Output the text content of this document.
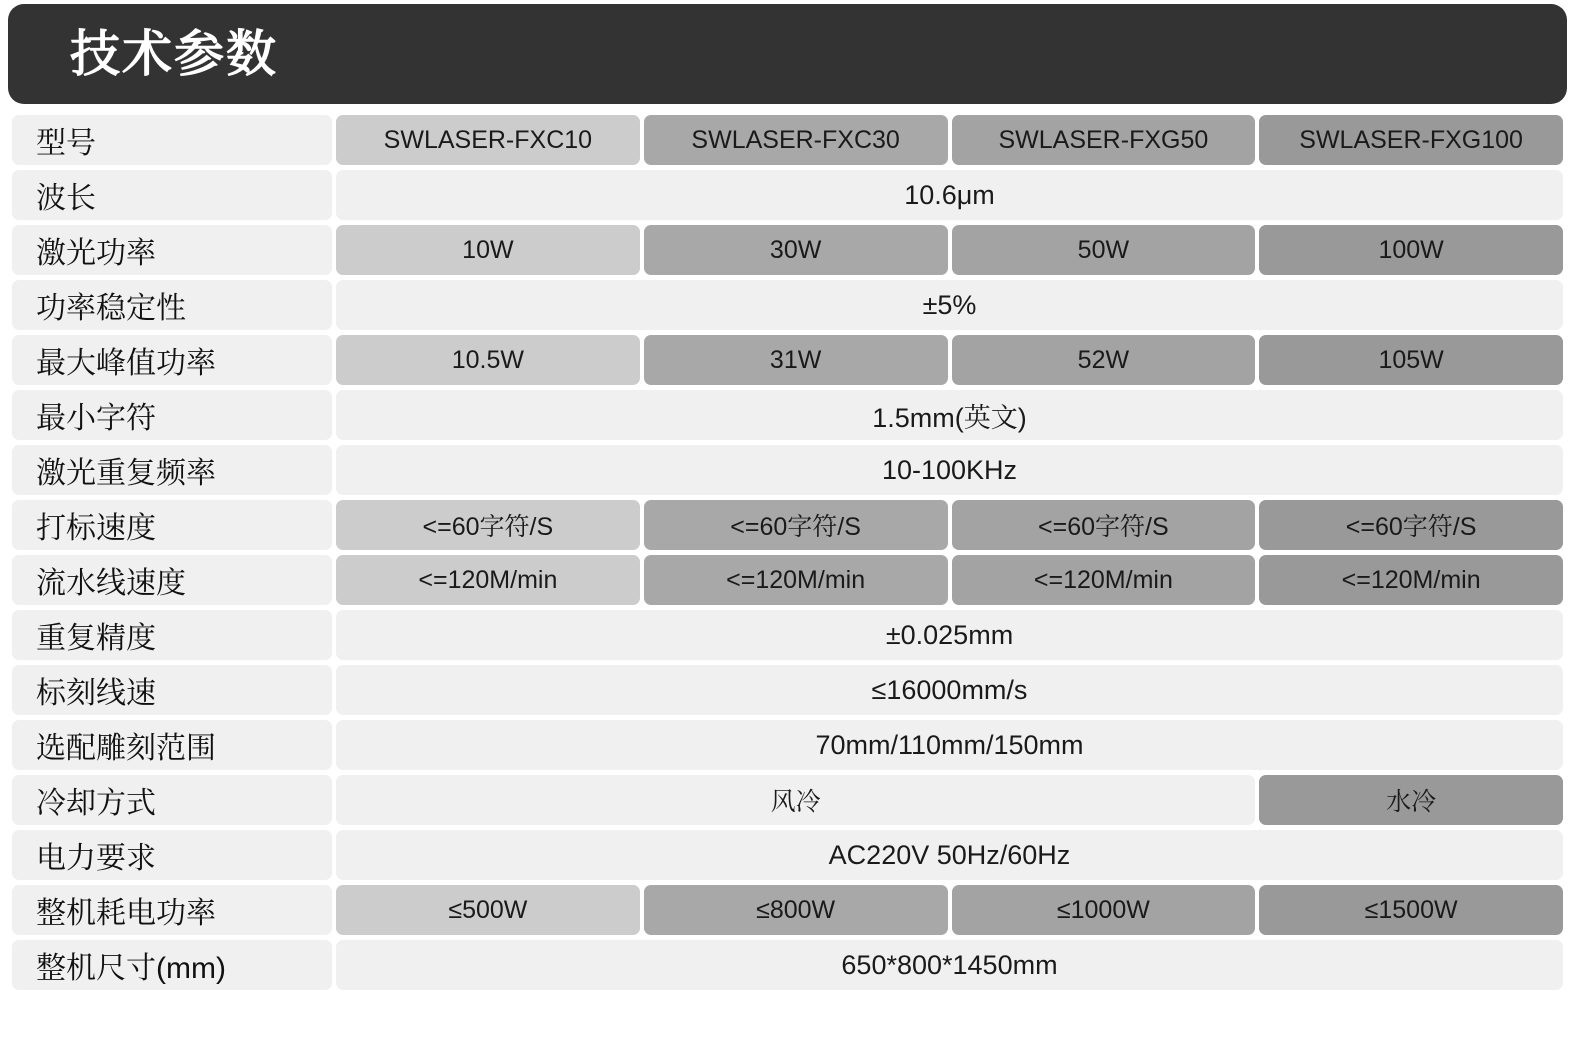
技术参数
型号	SWLASER-FXC10	SWLASER-FXC30	SWLASER-FXG50	SWLASER-FXG100
波长	10.6μm			
激光功率	10W	30W	50W	100W
功率稳定性	±5%			
最大峰值功率	10.5W	31W	52W	105W
最小字符	1.5mm(英文)			
激光重复频率	10-100KHz			
打标速度	<=60字符/S	<=60字符/S	<=60字符/S	<=60字符/S
流水线速度	<=120M/min	<=120M/min	<=120M/min	<=120M/min
重复精度	±0.025mm			
标刻线速	≤16000mm/s			
选配雕刻范围	70mm/110mm/150mm			
冷却方式	风冷			水冷
电力要求	AC220V 50Hz/60Hz			
整机耗电功率	≤500W	≤800W	≤1000W	≤1500W
整机尺寸(mm)	650*800*1450mm			
